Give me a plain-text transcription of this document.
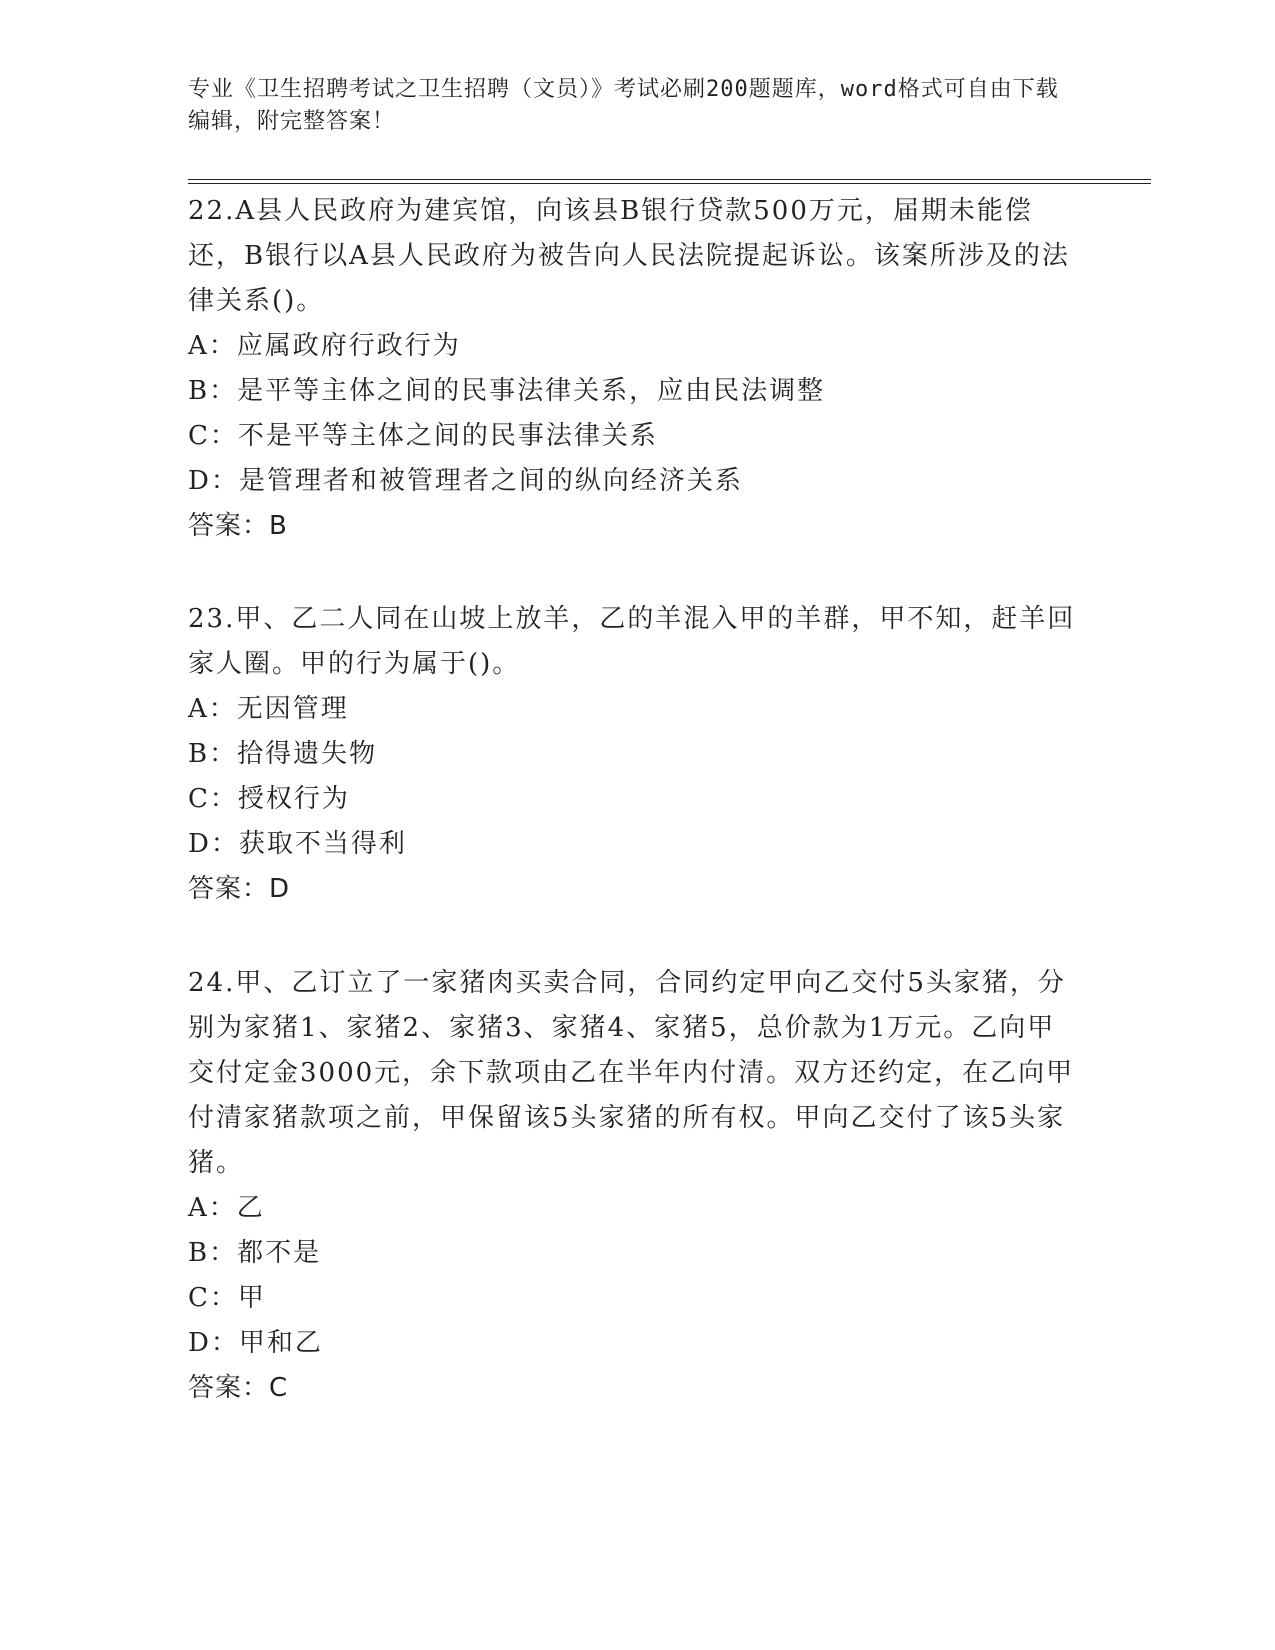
专业《卫生招聘考试之卫生招聘（文员）》考试必刷200题题库，word格式可自由下载编辑，附完整答案！

22.A县人民政府为建宾馆，向该县B银行贷款500万元，届期未能偿还，B银行以A县人民政府为被告向人民法院提起诉讼。该案所涉及的法律关系()。

A：应属政府行政行为

B：是平等主体之间的民事法律关系，应由民法调整

C：不是平等主体之间的民事法律关系

D：是管理者和被管理者之间的纵向经济关系

答案：B

23.甲、乙二人同在山坡上放羊，乙的羊混入甲的羊群，甲不知，赶羊回家人圈。甲的行为属于()。

A：无因管理

B：拾得遗失物

C：授权行为

D：获取不当得利

答案：D

24.甲、乙订立了一家猪肉买卖合同，合同约定甲向乙交付5头家猪，分别为家猪1、家猪2、家猪3、家猪4、家猪5，总价款为1万元。乙向甲交付定金3000元，余下款项由乙在半年内付清。双方还约定，在乙向甲付清家猪款项之前，甲保留该5头家猪的所有权。甲向乙交付了该5头家猪。

A：乙

B：都不是

C：甲

D：甲和乙

答案：C
